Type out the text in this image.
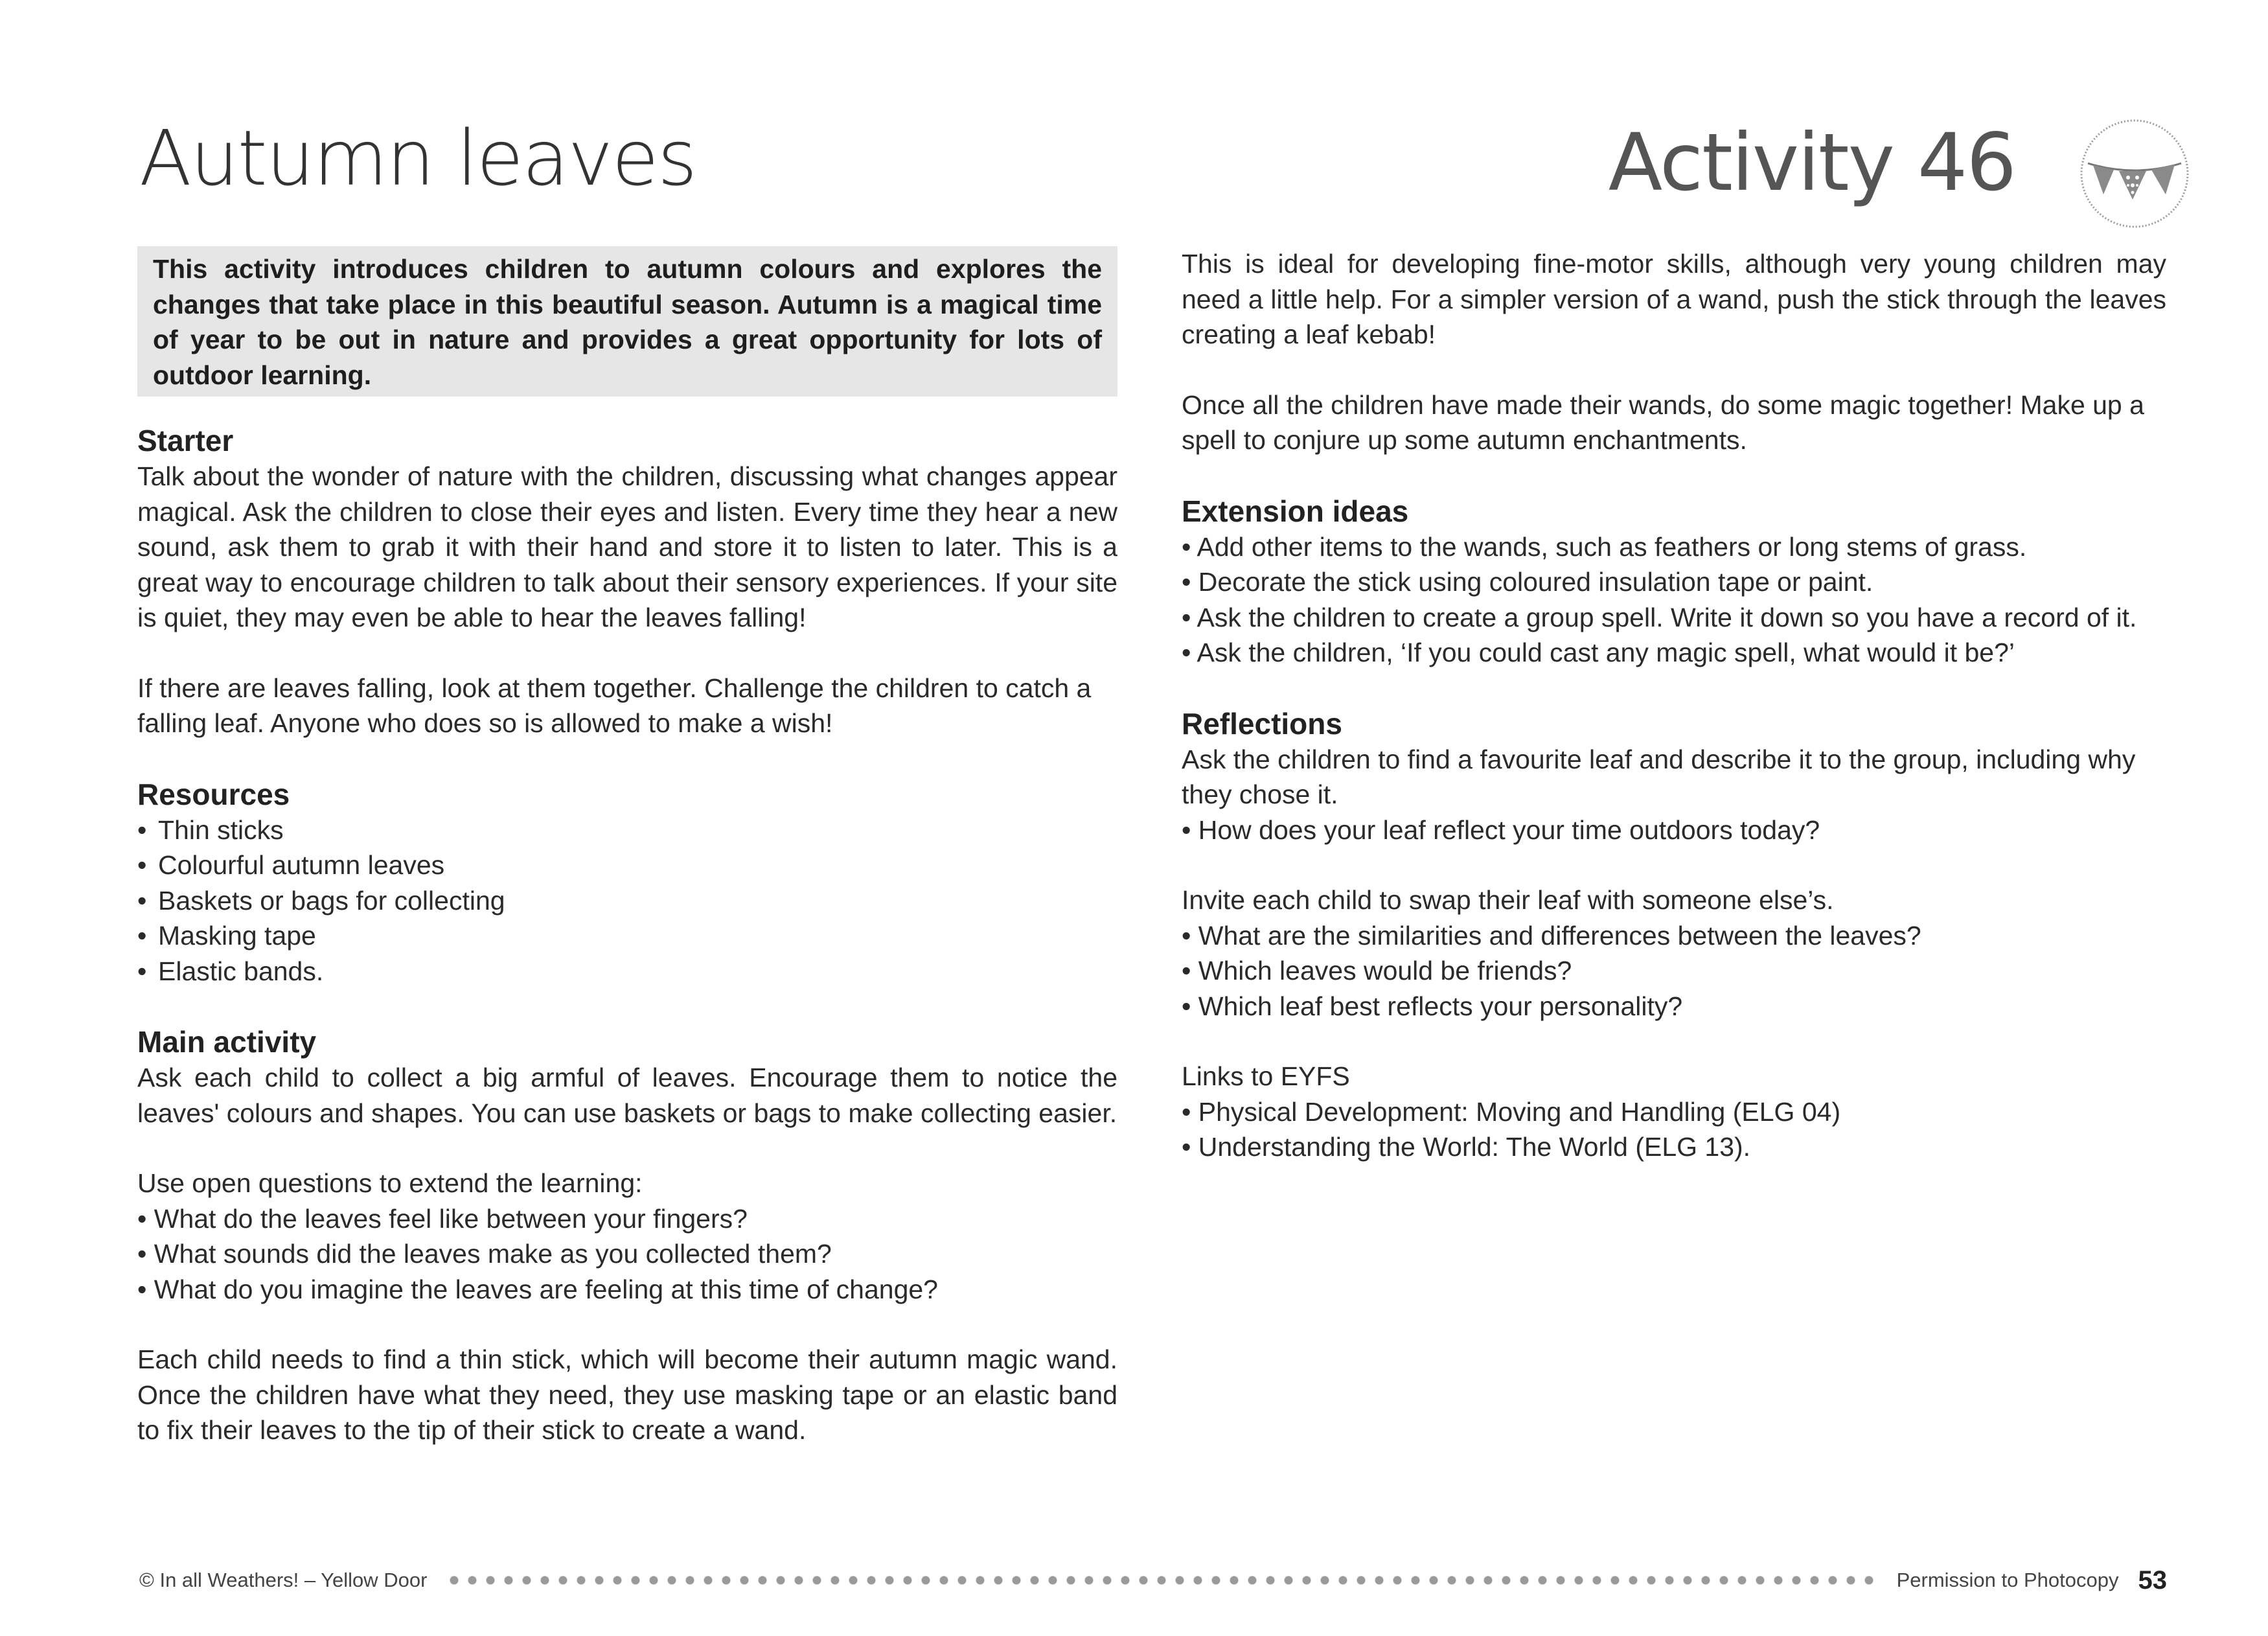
Autumn leaves	Activity 46

This activity introduces children to autumn colours and explores the changes that take place in this beautiful season. Autumn is a magical time of year to be out in nature and provides a great opportunity for lots of outdoor learning.

Starter

Talk about the wonder of nature with the children, discussing what changes appear magical. Ask the children to close their eyes and listen. Every time they hear a new sound, ask them to grab it with their hand and store it to listen to later. This is a great way to encourage children to talk about their sensory experiences. If your site is quiet, they may even be able to hear the leaves falling!

If there are leaves falling, look at them together. Challenge the children to catch a falling leaf. Anyone who does so is allowed to make a wish!

Resources
• Thin sticks
• Colourful autumn leaves
• Baskets or bags for collecting
• Masking tape
• Elastic bands.
Main activity

Ask each child to collect a big armful of leaves. Encourage them to notice the leaves' colours and shapes. You can use baskets or bags to make collecting easier.

Use open questions to extend the learning:

• What do the leaves feel like between your fingers?
• What sounds did the leaves make as you collected them?
• What do you imagine the leaves are feeling at this time of change?

Each child needs to find a thin stick, which will become their autumn magic wand. Once the children have what they need, they use masking tape or an elastic band to fix their leaves to the tip of their stick to create a wand.

This is ideal for developing fine-motor skills, although very young children may need a little help. For a simpler version of a wand, push the stick through the leaves creating a leaf kebab!

Once all the children have made their wands, do some magic together! Make up a spell to conjure up some autumn enchantments.

Extension ideas
• Add other items to the wands, such as feathers or long stems of grass.
• Decorate the stick using coloured insulation tape or paint.
• Ask the children to create a group spell. Write it down so you have a record of it.
• Ask the children, ‘If you could cast any magic spell, what would it be?’
Reflections

Ask the children to find a favourite leaf and describe it to the group, including why they chose it.

• How does your leaf reflect your time outdoors today?

Invite each child to swap their leaf with someone else’s.

• What are the similarities and differences between the leaves?
• Which leaves would be friends?
• Which leaf best reflects your personality?

Links to EYFS

• Physical Development: Moving and Handling (ELG 04)
• Understanding the World: The World (ELG 13).
© In all Weathers! – Yellow Door	Permission to Photocopy 53
